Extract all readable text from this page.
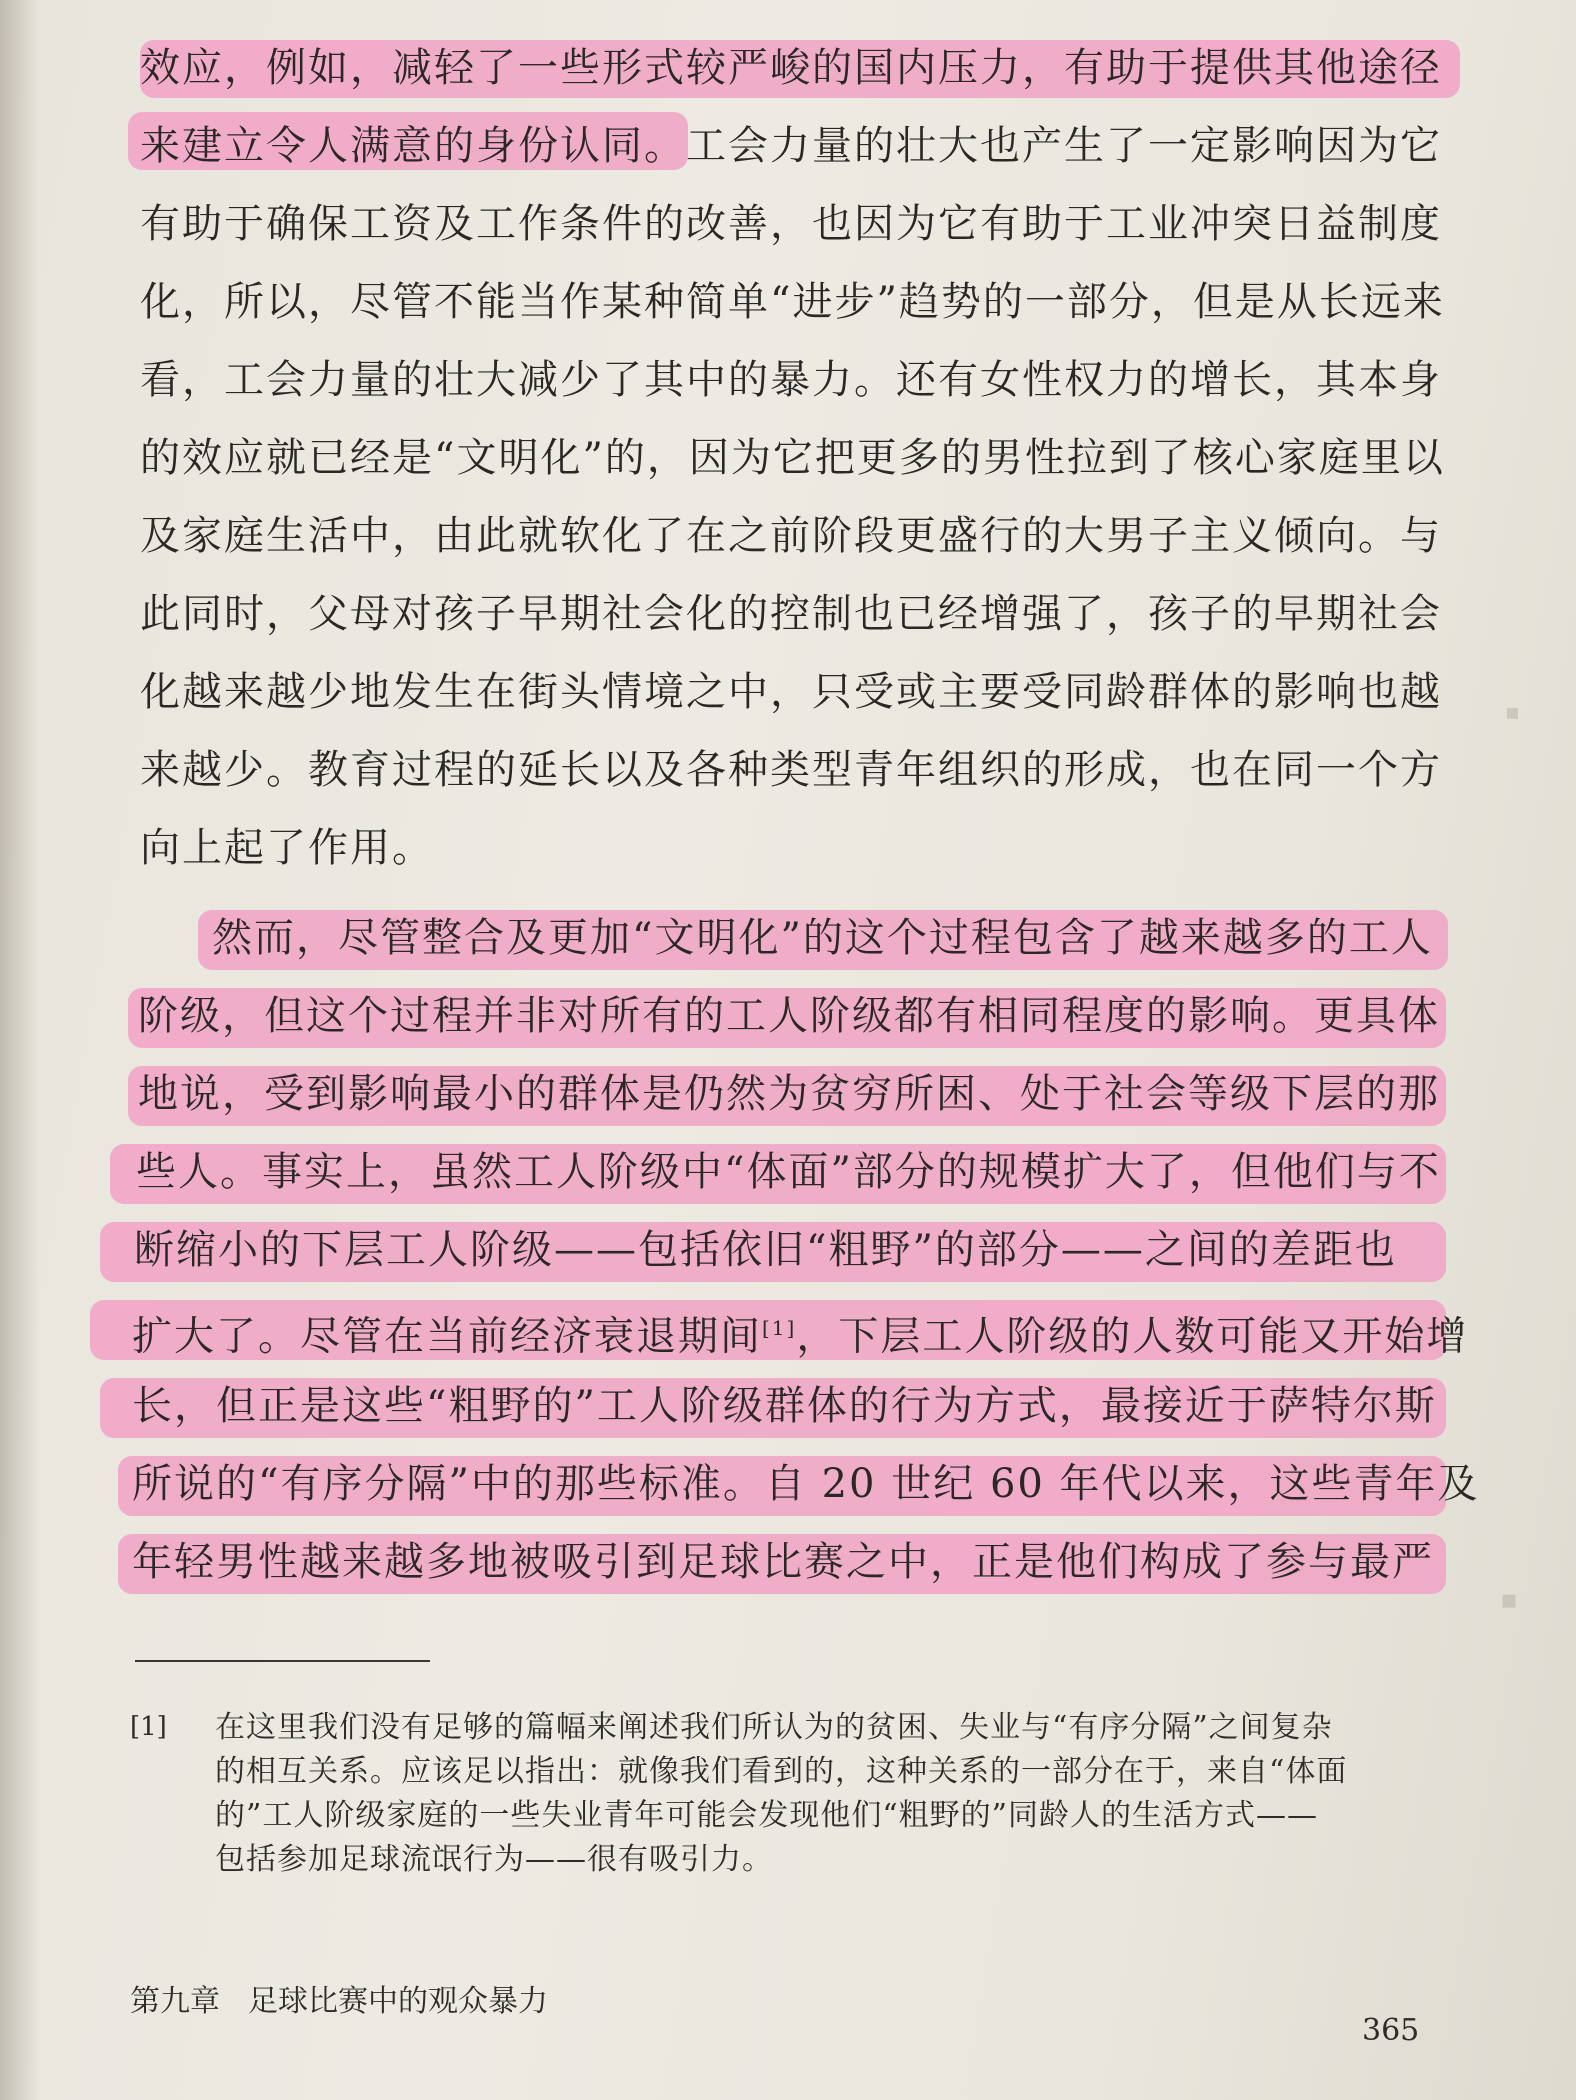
▪
▪
效应，例如，减轻了一些形式较严峻的国内压力，有助于提供其他途径
来建立令人满意的身份认同。工会力量的壮大也产生了一定影响因为它
有助于确保工资及工作条件的改善，也因为它有助于工业冲突日益制度
化，所以，尽管不能当作某种简单“进步”趋势的一部分，但是从长远来
看，工会力量的壮大减少了其中的暴力。还有女性权力的增长，其本身
的效应就已经是“文明化”的，因为它把更多的男性拉到了核心家庭里以
及家庭生活中，由此就软化了在之前阶段更盛行的大男子主义倾向。与
此同时，父母对孩子早期社会化的控制也已经增强了，孩子的早期社会
化越来越少地发生在街头情境之中，只受或主要受同龄群体的影响也越
来越少。教育过程的延长以及各种类型青年组织的形成，也在同一个方
向上起了作用。
然而，尽管整合及更加“文明化”的这个过程包含了越来越多的工人
阶级，但这个过程并非对所有的工人阶级都有相同程度的影响。更具体
地说，受到影响最小的群体是仍然为贫穷所困、处于社会等级下层的那
些人。事实上，虽然工人阶级中“体面”部分的规模扩大了，但他们与不
断缩小的下层工人阶级——包括依旧“粗野”的部分——之间的差距也
扩大了。尽管在当前经济衰退期间[1]，下层工人阶级的人数可能又开始增
长，但正是这些“粗野的”工人阶级群体的行为方式，最接近于萨特尔斯
所说的“有序分隔”中的那些标准。自 20 世纪 60 年代以来，这些青年及
年轻男性越来越多地被吸引到足球比赛之中，正是他们构成了参与最严
[1] 在这里我们没有足够的篇幅来阐述我们所认为的贫困、失业与“有序分隔”之间复杂
的相互关系。应该足以指出：就像我们看到的，这种关系的一部分在于，来自“体面
的”工人阶级家庭的一些失业青年可能会发现他们“粗野的”同龄人的生活方式——
包括参加足球流氓行为——很有吸引力。
第九章 足球比赛中的观众暴力
365
